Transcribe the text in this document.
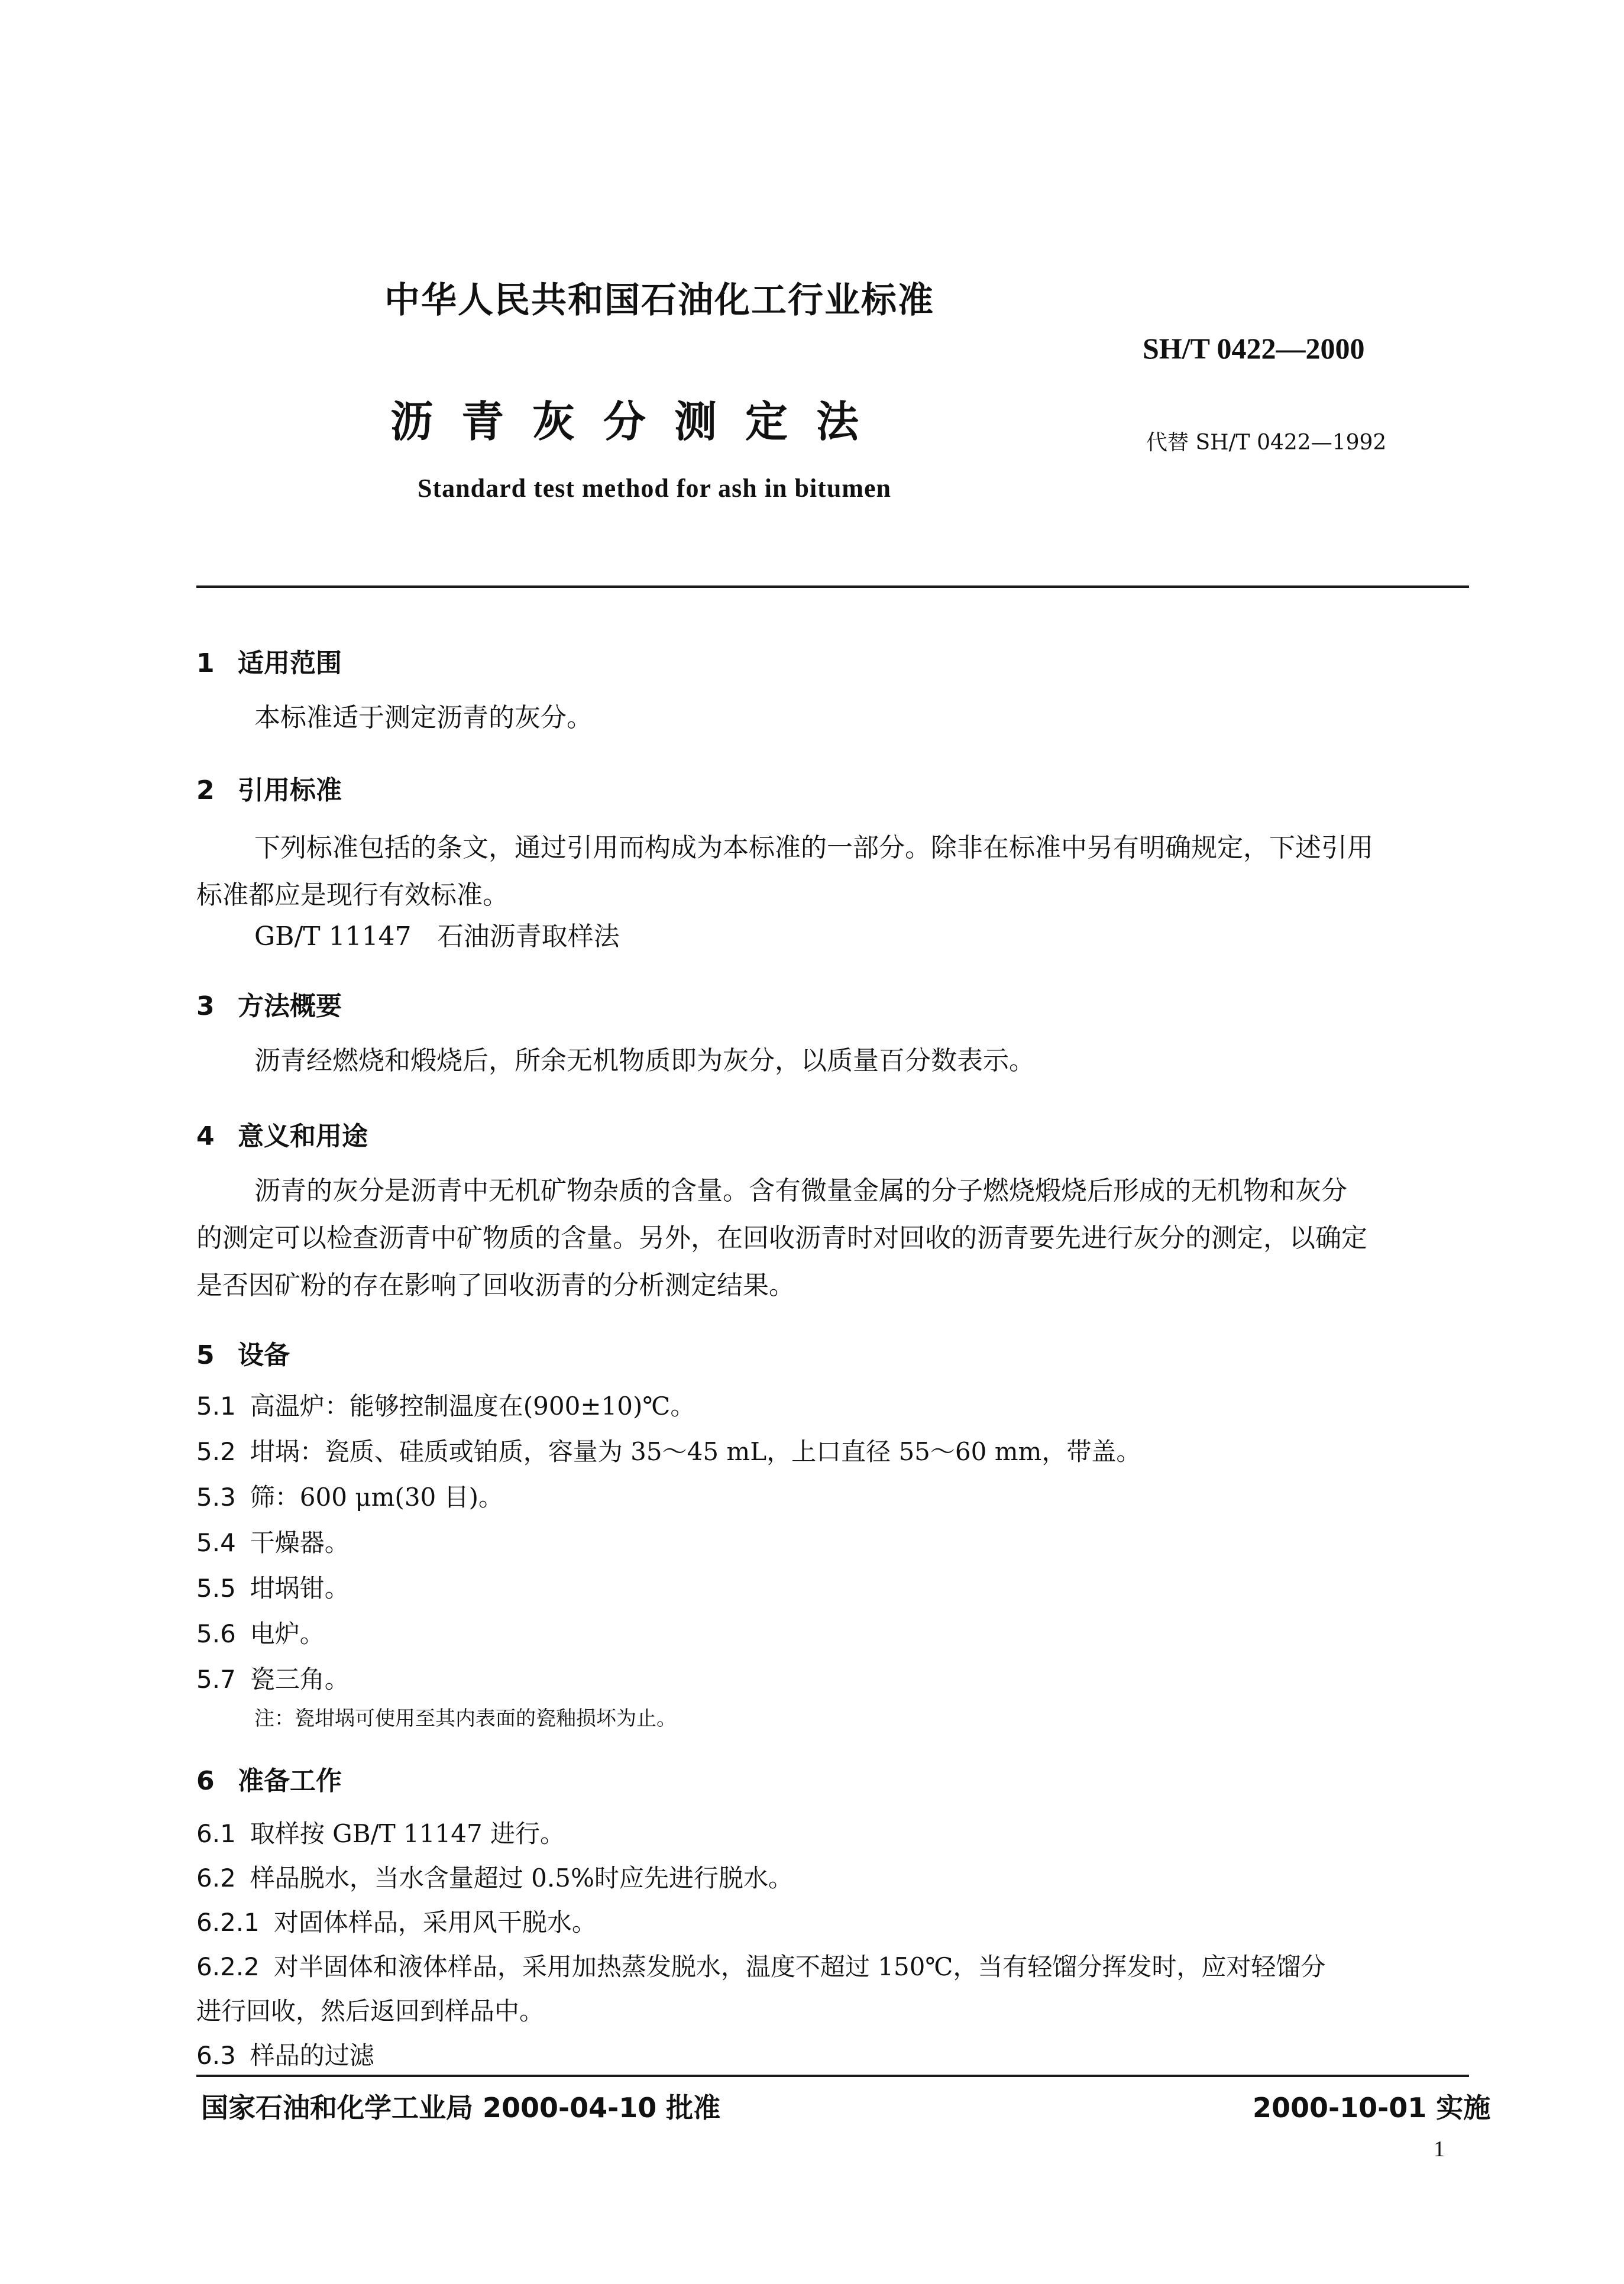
中华人民共和国石油化工行业标准
SH/T 0422—2000
沥青灰分测定法	代替 SH/T 0422—1992
Standard test method for ash in bitumen
1 适用范围
本标准适于测定沥青的灰分。
2 引用标准
下列标准包括的条文，通过引用而构成为本标准的一部分。除非在标准中另有明确规定，下述引用
标准都应是现行有效标准。
GB/T 11147　石油沥青取样法
3 方法概要
沥青经燃烧和煅烧后，所余无机物质即为灰分，以质量百分数表示。
4 意义和用途
沥青的灰分是沥青中无机矿物杂质的含量。含有微量金属的分子燃烧煅烧后形成的无机物和灰分
的测定可以检查沥青中矿物质的含量。另外，在回收沥青时对回收的沥青要先进行灰分的测定，以确定
是否因矿粉的存在影响了回收沥青的分析测定结果。
5 设备
5.1 高温炉：能够控制温度在(900±10)℃。
5.2 坩埚：瓷质、硅质或铂质，容量为 35～45 mL，上口直径 55～60 mm，带盖。
5.3 筛：600 μm(30 目)。
5.4 干燥器。
5.5 坩埚钳。
5.6 电炉。
5.7 瓷三角。
注：瓷坩埚可使用至其内表面的瓷釉损坏为止。
6 准备工作
6.1 取样按 GB/T 11147 进行。
6.2 样品脱水，当水含量超过 0.5%时应先进行脱水。
6.2.1 对固体样品，采用风干脱水。
6.2.2 对半固体和液体样品，采用加热蒸发脱水，温度不超过 150℃，当有轻馏分挥发时，应对轻馏分
进行回收，然后返回到样品中。
6.3 样品的过滤
国家石油和化学工业局 2000-04-10 批准	2000-10-01 实施
1
